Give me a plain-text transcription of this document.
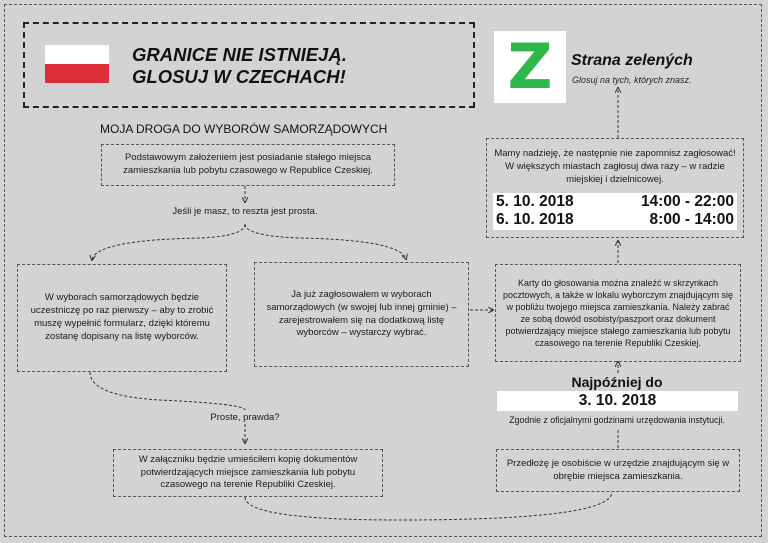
GRANICE NIE ISTNIEJĄ.
GLOSUJ W CZECHACH!	Z	Strana zelených
Glosuj na tych, których znasz.
MOJA DROGA DO WYBORÓW SAMORZĄDOWYCH
Podstawowym założeniem jest posiadanie stałego miejsca zamieszkania lub pobytu czasowego w Republice Czeskiej.
Jeśli je masz, to reszta jest prosta.
W wyborach samorządowych będzie uczestniczę po raz pierwszy – aby to zrobić muszę wypełnić formularz, dzięki któremu zostanę dopisany na listę wyborców.
Ja już zagłosowałem w wyborach samorządowych (w swojej lub innej gminie) – zarejestrowałem się na dodatkową listę wyborców – wystarczy wybrać.
Proste, prawda?
W załączniku będzie umieściłem kopię dokumentów potwierdzających miejsce zamieszkania lub pobytu czasowego na terenie Republiki Czeskiej.
Przedłożę je osobiście w urzędzie znajdującym się w obrębie miejsca zamieszkania.
Najpóźniej do
3. 10. 2018
Zgodnie z oficjalnymi godzinami urzędowania instytucji.
Karty do głosowania można znaleźć w skrzynkach pocztowych, a także w lokalu wyborczym znajdującym się w pobliżu twojego miejsca zamieszkania. Należy zabrać ze sobą dowód osobisty/paszport oraz dokument potwierdzający miejsce stałego zamieszkania lub pobytu czasowego na terenie Republiki Czeskiej.
Mamy nadzieję, że następnie nie zapomnisz zagłosować! W większych miastach zagłosuj dwa razy – w radzie miejskiej i dzielnicowej.
5. 10. 2018	14:00 - 22:00
6. 10. 2018	8:00 - 14:00
